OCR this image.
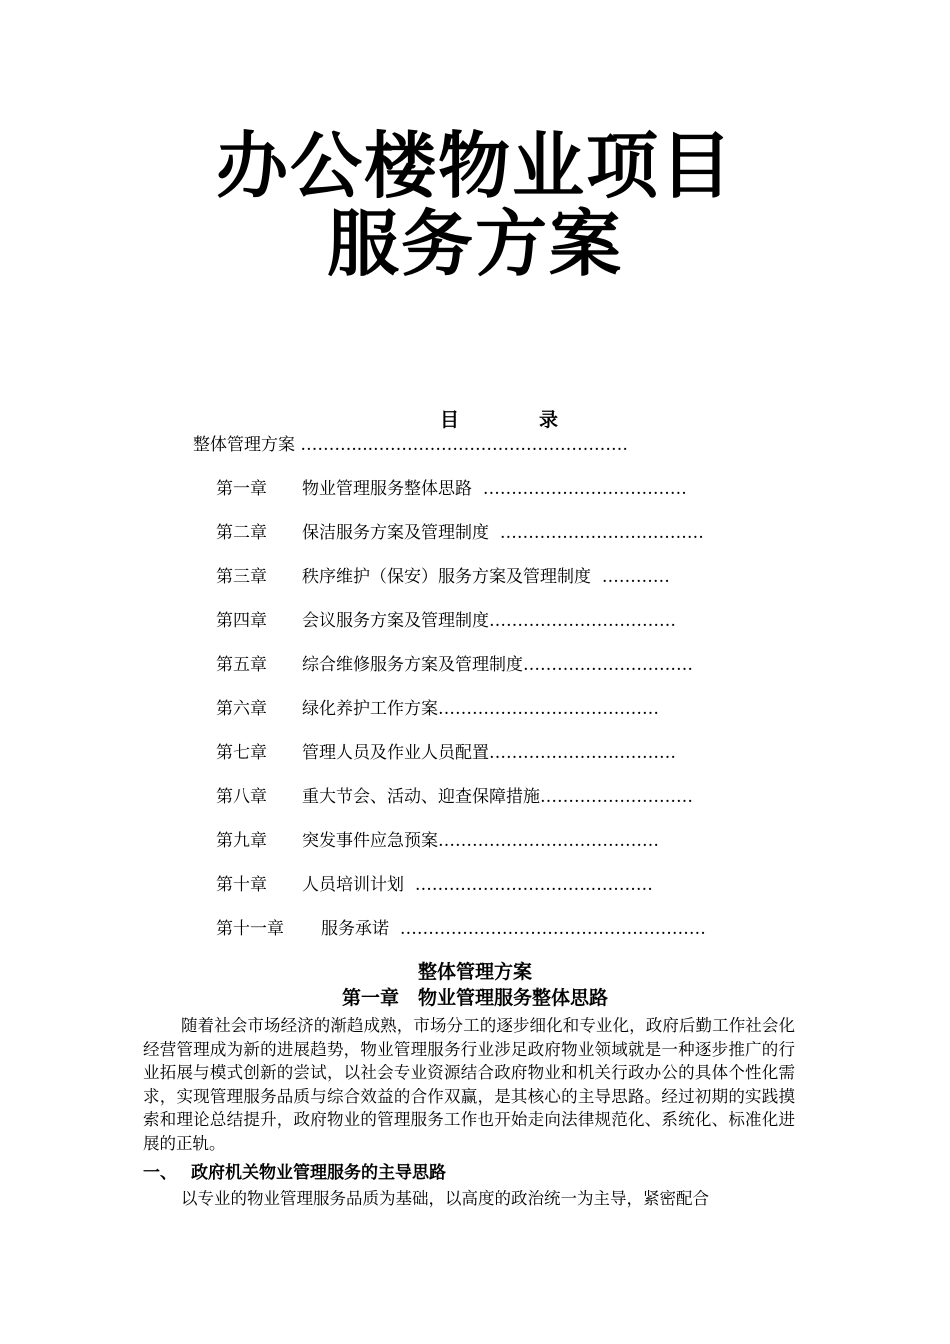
办公楼物业项目
服务方案
目	录
整体管理方案 ………....………………………………………
第一章 物业管理服务整体思路 ………………………………
第二章 保洁服务方案及管理制度 ………………………………
第三章 秩序维护（保安）服务方案及管理制度 …………
第四章 会议服务方案及管理制度……………………………
第五章 综合维修服务方案及管理制度…………………………
第六章 绿化养护工作方案…………………………………
第七章 管理人员及作业人员配置……………………………
第八章 重大节会、活动、迎查保障措施………………………
第九章 突发事件应急预案…………………………………
第十章 人员培训计划 ……………………………………
第十一章 服务承诺 ………………………………………………
整体管理方案
第一章　物业管理服务整体思路

随着社会市场经济的渐趋成熟，市场分工的逐步细化和专业化，政府后勤工作社会化经营管理成为新的进展趋势，物业管理服务行业涉足政府物业领域就是一种逐步推广的行业拓展与模式创新的尝试，以社会专业资源结合政府物业和机关行政办公的具体个性化需求，实现管理服务品质与综合效益的合作双赢，是其核心的主导思路。经过初期的实践摸索和理论总结提升，政府物业的管理服务工作也开始走向法律规范化、系统化、标准化进展的正轨。

一、 政府机关物业管理服务的主导思路

以专业的物业管理服务品质为基础，以高度的政治统一为主导，紧密配合
